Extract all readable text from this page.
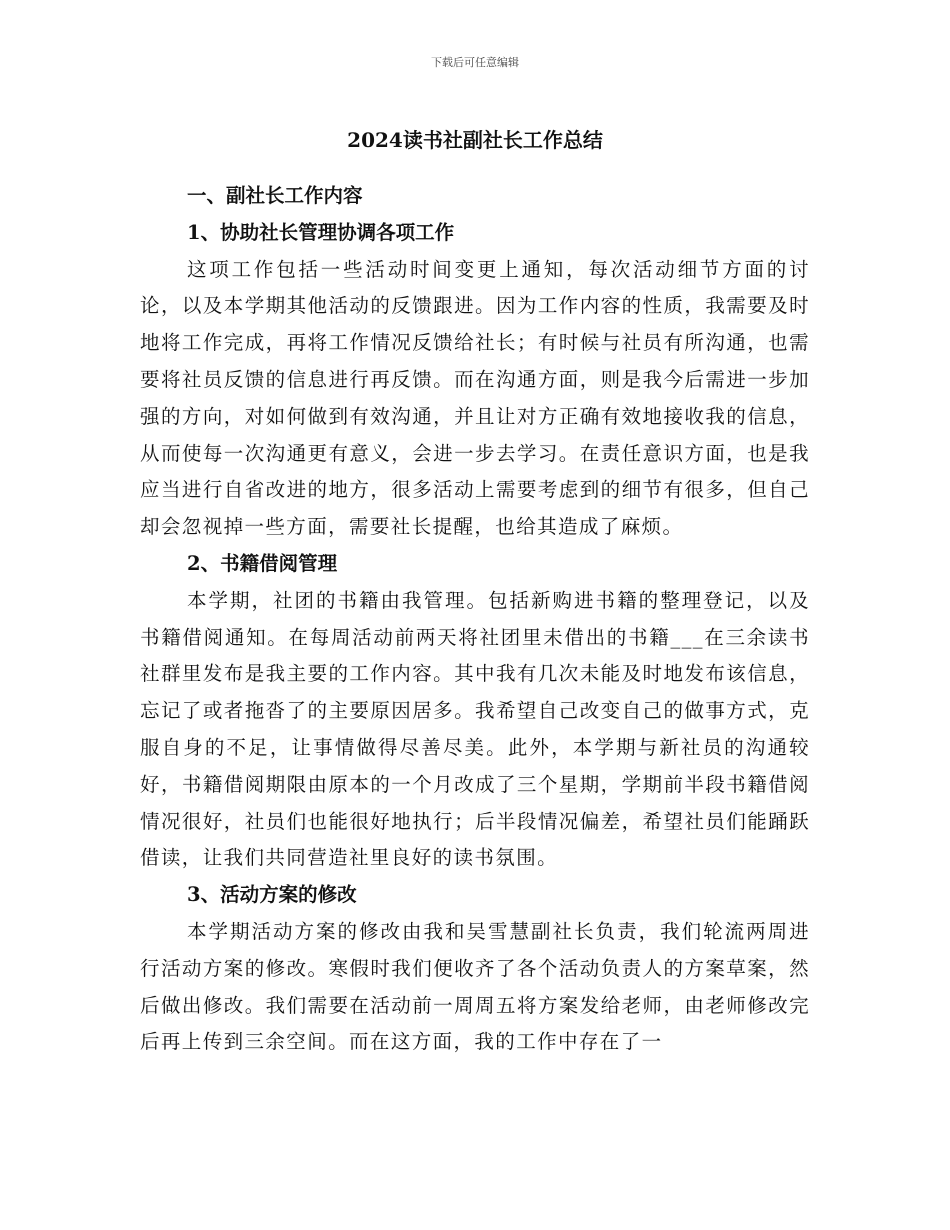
下载后可任意编辑
2024读书社副社长工作总结
一、副社长工作内容
1、协助社长管理协调各项工作

这项工作包括一些活动时间变更上通知，每次活动细节方面的讨论，以及本学期其他活动的反馈跟进。因为工作内容的性质，我需要及时地将工作完成，再将工作情况反馈给社长；有时候与社员有所沟通，也需要将社员反馈的信息进行再反馈。而在沟通方面，则是我今后需进一步加强的方向，对如何做到有效沟通，并且让对方正确有效地接收我的信息，从而使每一次沟通更有意义，会进一步去学习。在责任意识方面，也是我应当进行自省改进的地方，很多活动上需要考虑到的细节有很多，但自己却会忽视掉一些方面，需要社长提醒，也给其造成了麻烦。

2、书籍借阅管理

本学期，社团的书籍由我管理。包括新购进书籍的整理登记，以及书籍借阅通知。在每周活动前两天将社团里未借出的书籍___在三余读书社群里发布是我主要的工作内容。其中我有几次未能及时地发布该信息，忘记了或者拖沓了的主要原因居多。我希望自己改变自己的做事方式，克服自身的不足，让事情做得尽善尽美。此外，本学期与新社员的沟通较好，书籍借阅期限由原本的一个月改成了三个星期，学期前半段书籍借阅情况很好，社员们也能很好地执行；后半段情况偏差，希望社员们能踊跃借读，让我们共同营造社里良好的读书氛围。

3、活动方案的修改

本学期活动方案的修改由我和吴雪慧副社长负责，我们轮流两周进行活动方案的修改。寒假时我们便收齐了各个活动负责人的方案草案，然后做出修改。我们需要在活动前一周周五将方案发给老师，由老师修改完后再上传到三余空间。而在这方面，我的工作中存在了一
